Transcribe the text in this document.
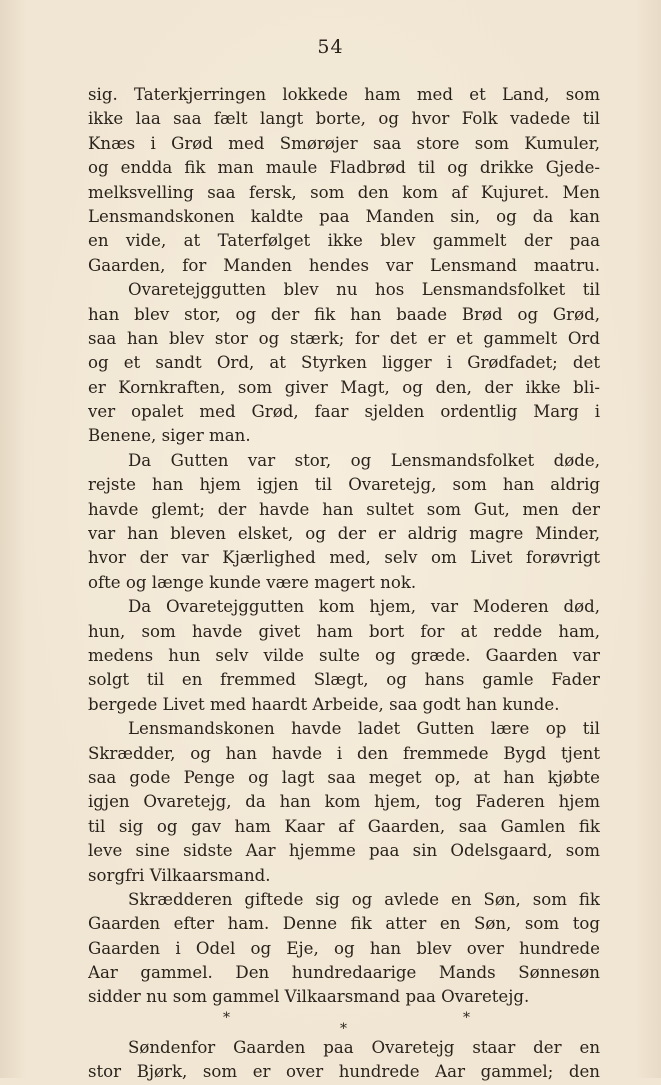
54
sig. Taterkjerringen lokkede ham med et Land, som
ikke laa saa fælt langt borte, og hvor Folk vadede til
Knæs i Grød med Smørøjer saa store som Kumuler,
og endda fik man maule Fladbrød til og drikke Gjede-
melksvelling saa fersk, som den kom af Kujuret. Men
Lensmandskonen kaldte paa Manden sin, og da kan
en vide, at Taterfølget ikke blev gammelt der paa
Gaarden, for Manden hendes var Lensmand maatru.
Ovaretejggutten blev nu hos Lensmandsfolket til
han blev stor, og der fik han baade Brød og Grød,
saa han blev stor og stærk; for det er et gammelt Ord
og et sandt Ord, at Styrken ligger i Grødfadet; det
er Kornkraften, som giver Magt, og den, der ikke bli-
ver opalet med Grød, faar sjelden ordentlig Marg i
Benene, siger man.
Da Gutten var stor, og Lensmandsfolket døde,
rejste han hjem igjen til Ovaretejg, som han aldrig
havde glemt; der havde han sultet som Gut, men der
var han bleven elsket, og der er aldrig magre Minder,
hvor der var Kjærlighed med, selv om Livet forøvrigt
ofte og længe kunde være magert nok.
Da Ovaretejggutten kom hjem, var Moderen død,
hun, som havde givet ham bort for at redde ham,
medens hun selv vilde sulte og græde. Gaarden var
solgt til en fremmed Slægt, og hans gamle Fader
bergede Livet med haardt Arbeide, saa godt han kunde.
Lensmandskonen havde ladet Gutten lære op til
Skrædder, og han havde i den fremmede Bygd tjent
saa gode Penge og lagt saa meget op, at han kjøbte
igjen Ovaretejg, da han kom hjem, tog Faderen hjem
til sig og gav ham Kaar af Gaarden, saa Gamlen fik
leve sine sidste Aar hjemme paa sin Odelsgaard, som
sorgfri Vilkaarsmand.
Skrædderen giftede sig og avlede en Søn, som fik
Gaarden efter ham. Denne fik atter en Søn, som tog
Gaarden i Odel og Eje, og han blev over hundrede
Aar gammel. Den hundredaarige Mands Sønnesøn
sidder nu som gammel Vilkaarsmand paa Ovaretejg.
*
*
*
Søndenfor Gaarden paa Ovaretejg staar der en
stor Bjørk, som er over hundrede Aar gammel; den
